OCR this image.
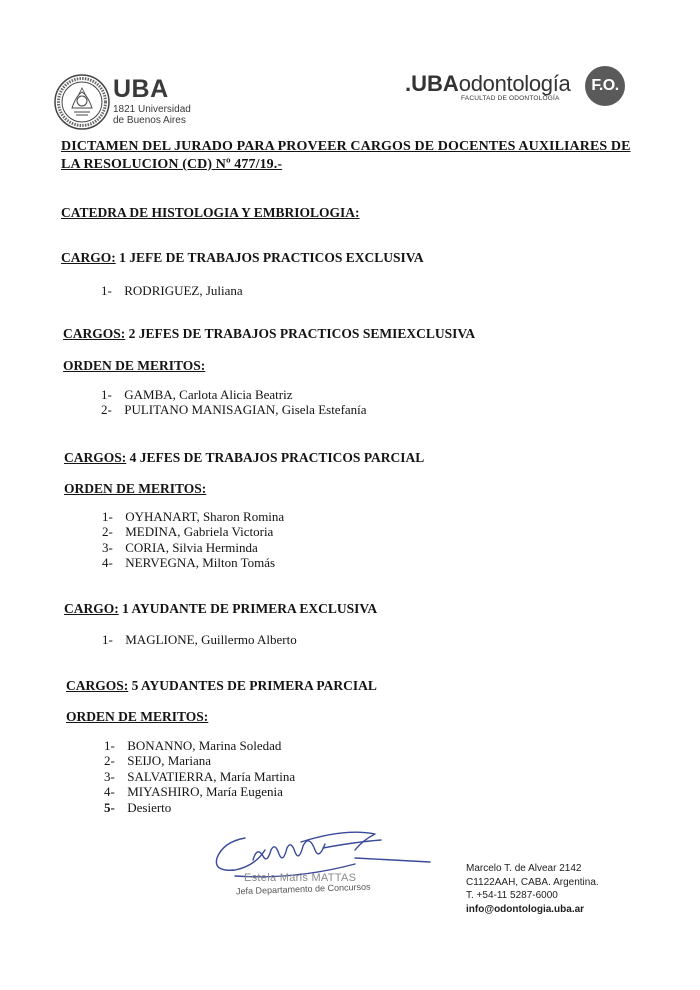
UBA
1821 Universidad
de Buenos Aires
.UBAodontología
FACULTAD DE ODONTOLOGÍA
F.O.
DICTAMEN DEL JURADO PARA PROVEER CARGOS DE DOCENTES AUXILIARES DE LA RESOLUCION (CD) Nº 477/19.-
CATEDRA DE HISTOLOGIA Y EMBRIOLOGIA:
CARGO: 1 JEFE DE TRABAJOS PRACTICOS EXCLUSIVA
1- RODRIGUEZ, Juliana
CARGOS: 2 JEFES DE TRABAJOS PRACTICOS SEMIEXCLUSIVA
ORDEN DE MERITOS:
1- GAMBA, Carlota Alicia Beatriz
2- PULITANO MANISAGIAN, Gisela Estefanía
CARGOS: 4 JEFES DE TRABAJOS PRACTICOS PARCIAL
ORDEN DE MERITOS:
1- OYHANART, Sharon Romina
2- MEDINA, Gabriela Victoria
3- CORIA, Silvia Herminda
4- NERVEGNA, Milton Tomás
CARGO: 1 AYUDANTE DE PRIMERA EXCLUSIVA
1- MAGLIONE, Guillermo Alberto
CARGOS: 5 AYUDANTES DE PRIMERA PARCIAL
ORDEN DE MERITOS:
1- BONANNO, Marina Soledad
2- SEIJO, Mariana
3- SALVATIERRA, María Martina
4- MIYASHIRO, María Eugenia
5- Desierto
Estela Maris MATTAS
Jefa Departamento de Concursos
Marcelo T. de Alvear 2142
C1122AAH, CABA. Argentina.
T. +54-11 5287-6000
info@odontologia.uba.ar
